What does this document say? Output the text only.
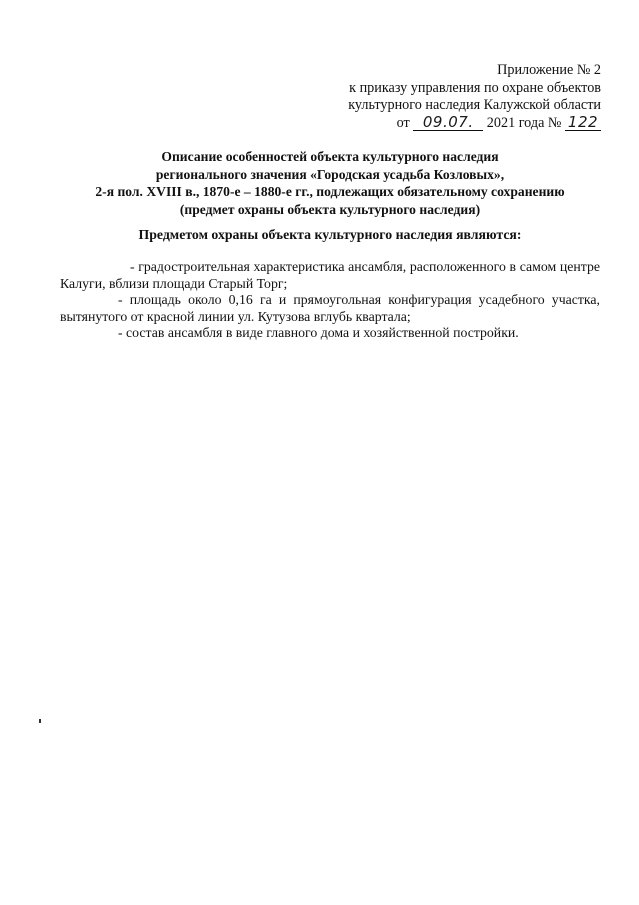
Приложение № 2
к приказу управления по охране объектов
культурного наследия Калужской области
от 09.07. 2021 года № 122
Описание особенностей объекта культурного наследия
регионального значения «Городская усадьба Козловых»,
2-я пол. XVIII в., 1870-е – 1880-е гг., подлежащих обязательному сохранению
(предмет охраны объекта культурного наследия)
Предметом охраны объекта культурного наследия являются:

- градостроительная характеристика ансамбля, расположенного в самом центре Калуги, вблизи площади Старый Торг;

- площадь около 0,16 га и прямоугольная конфигурация усадебного участка, вытянутого от красной линии ул. Кутузова вглубь квартала;

- состав ансамбля в виде главного дома и хозяйственной постройки.
